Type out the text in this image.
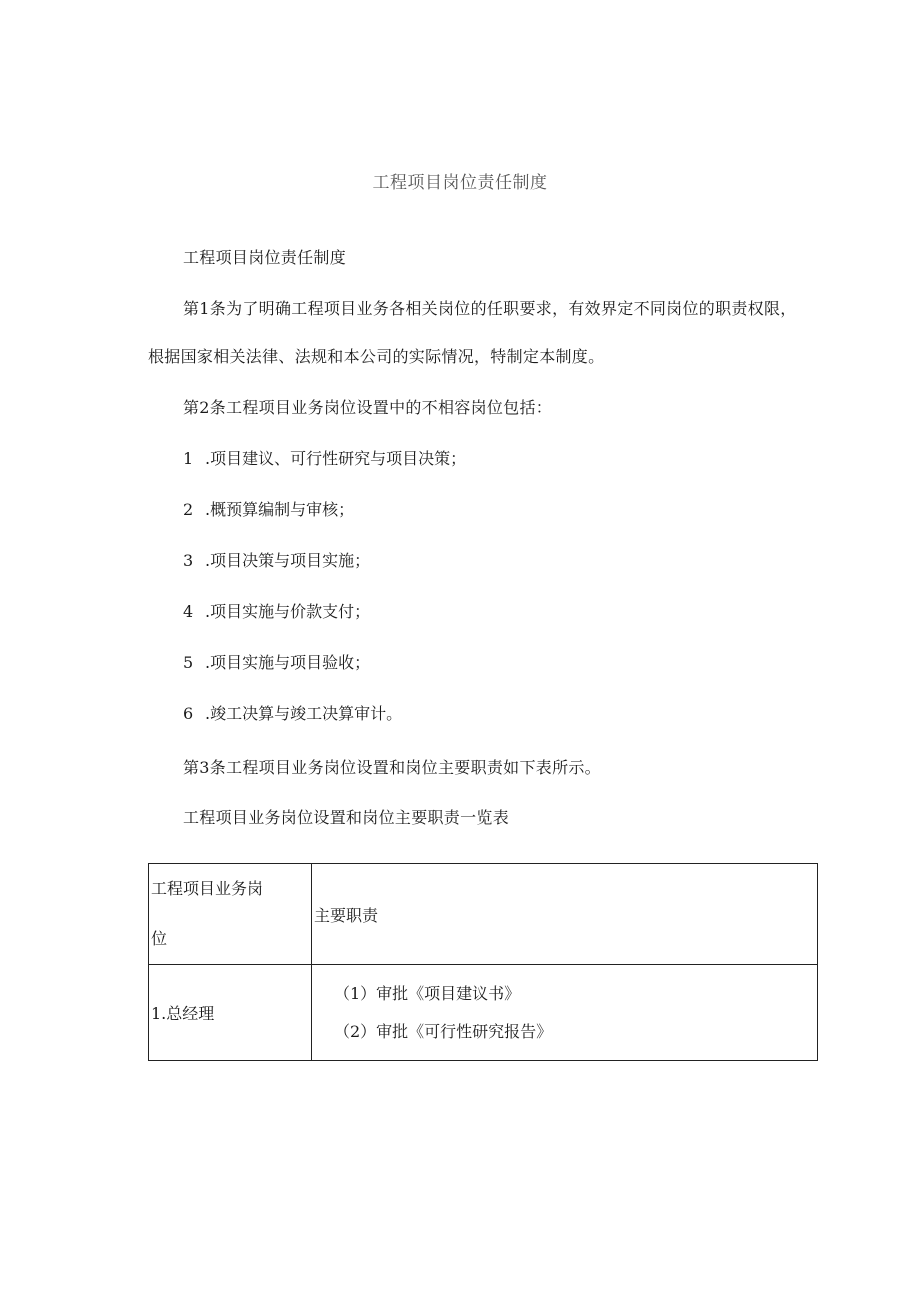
工程项目岗位责任制度
工程项目岗位责任制度
第1条为了明确工程项目业务各相关岗位的任职要求，有效界定不同岗位的职责权限，
根据国家相关法律、法规和本公司的实际情况，特制定本制度。
第2条工程项目业务岗位设置中的不相容岗位包括：
1 .项目建议、可行性研究与项目决策；
2 .概预算编制与审核；
3 .项目决策与项目实施；
4 .项目实施与价款支付；
5 .项目实施与项目验收；
6 .竣工决算与竣工决算审计。
第3条工程项目业务岗位设置和岗位主要职责如下表所示。
工程项目业务岗位设置和岗位主要职责一览表
工程项目业务岗
位	主要职责
1.总经理	（1）审批《项目建议书》
（2）审批《可行性研究报告》
